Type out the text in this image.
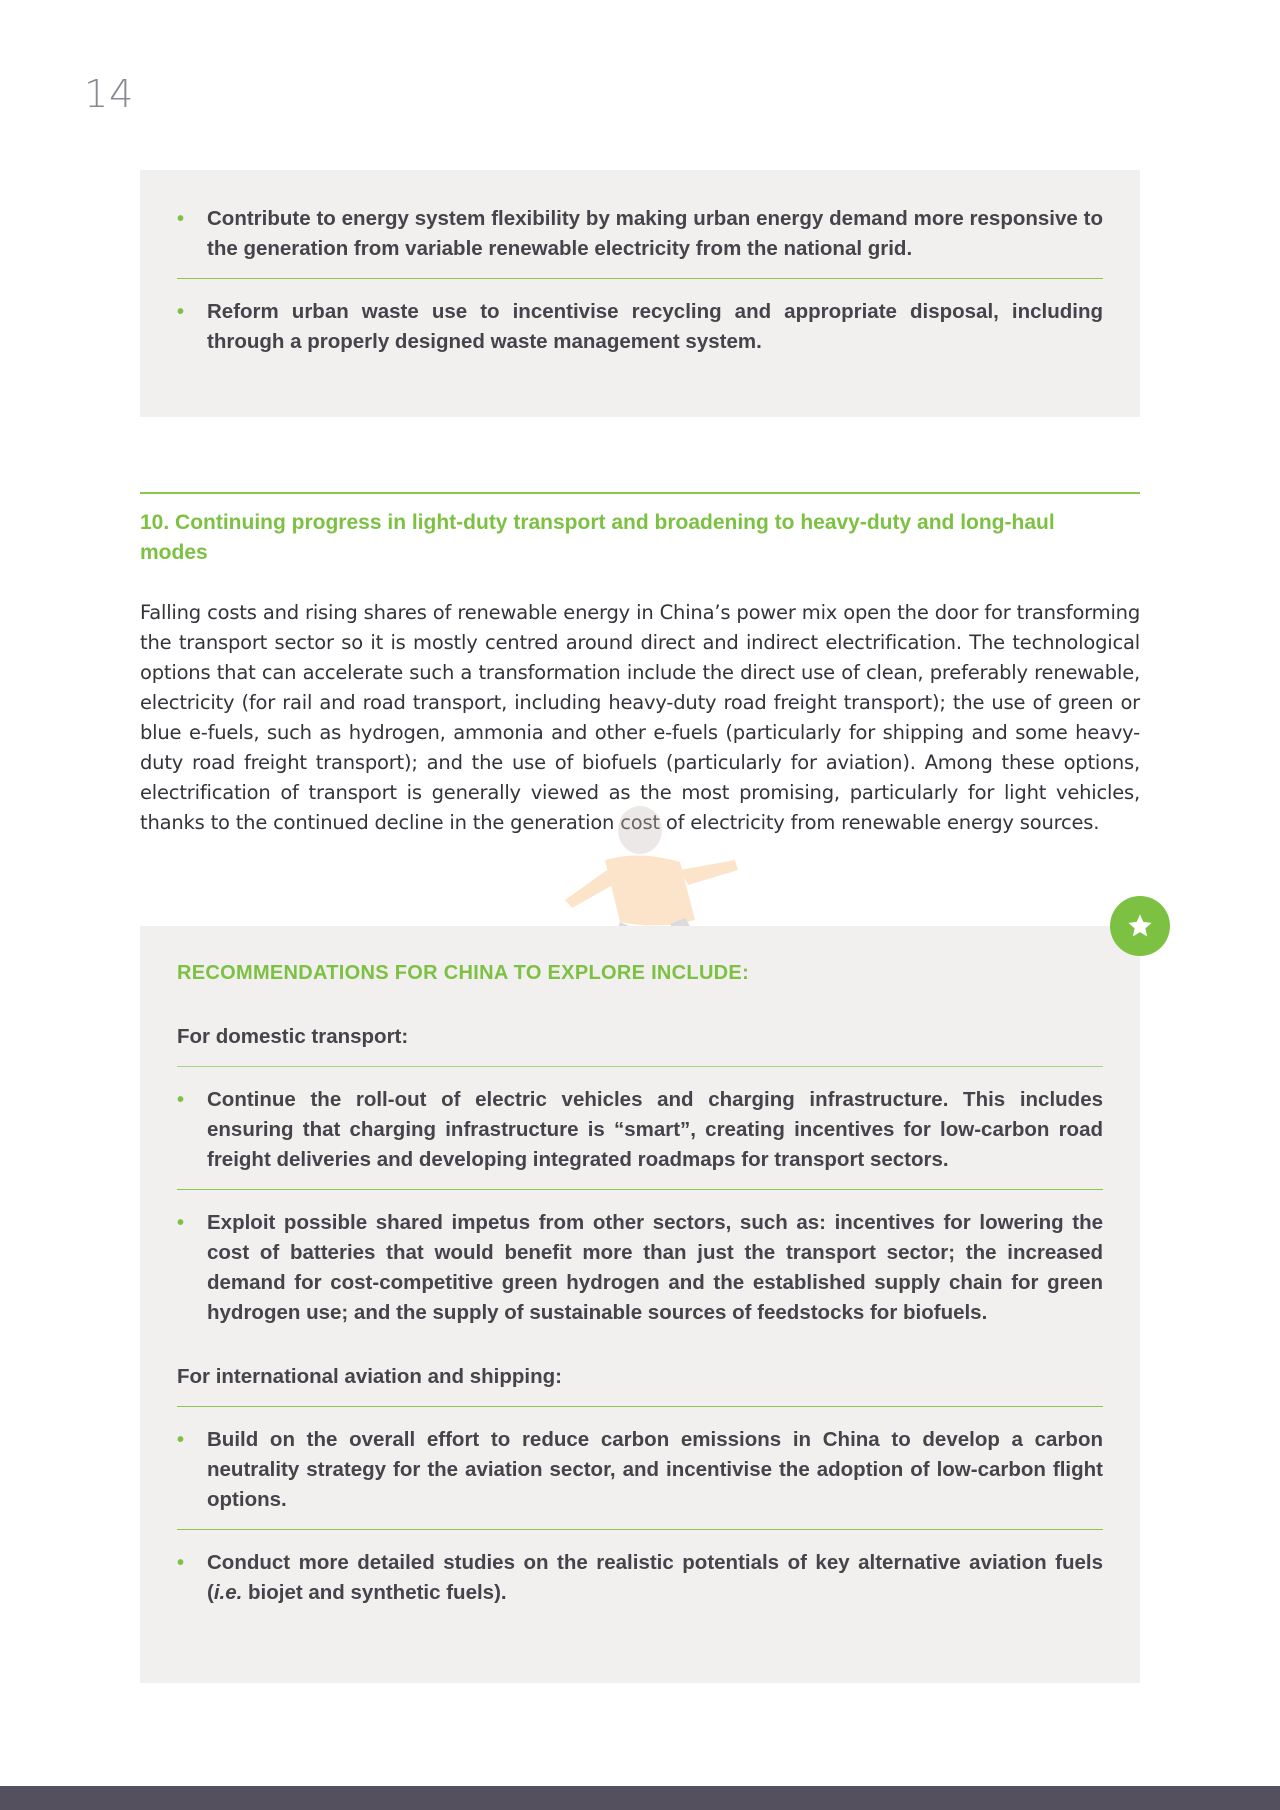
14
• Contribute to energy system flexibility by making urban energy demand more responsive to the generation from variable renewable electricity from the national grid.
• Reform urban waste use to incentivise recycling and appropriate disposal, including through a properly designed waste management system.
10. Continuing progress in light-duty transport and broadening to heavy-duty and long-haul modes
Falling costs and rising shares of renewable energy in China’s power mix open the door for transforming the transport sector so it is mostly centred around direct and indirect electrification. The technological options that can accelerate such a transformation include the direct use of clean, preferably renewable, electricity (for rail and road transport, including heavy-duty road freight transport); the use of green or blue e-fuels, such as hydrogen, ammonia and other e-fuels (particularly for shipping and some heavy-duty road freight transport); and the use of biofuels (particularly for aviation). Among these options, electrification of transport is generally viewed as the most promising, particularly for light vehicles, thanks to the continued decline in the generation cost of electricity from renewable energy sources.
RECOMMENDATIONS FOR CHINA TO EXPLORE INCLUDE:
For domestic transport:
• Continue the roll-out of electric vehicles and charging infrastructure. This includes ensuring that charging infrastructure is “smart”, creating incentives for low-carbon road freight deliveries and developing integrated roadmaps for transport sectors.
• Exploit possible shared impetus from other sectors, such as: incentives for lowering the cost of batteries that would benefit more than just the transport sector; the increased demand for cost-competitive green hydrogen and the established supply chain for green hydrogen use; and the supply of sustainable sources of feedstocks for biofuels.
For international aviation and shipping:
• Build on the overall effort to reduce carbon emissions in China to develop a carbon neutrality strategy for the aviation sector, and incentivise the adoption of low-carbon flight options.
• Conduct more detailed studies on the realistic potentials of key alternative aviation fuels (i.e. biojet and synthetic fuels).
